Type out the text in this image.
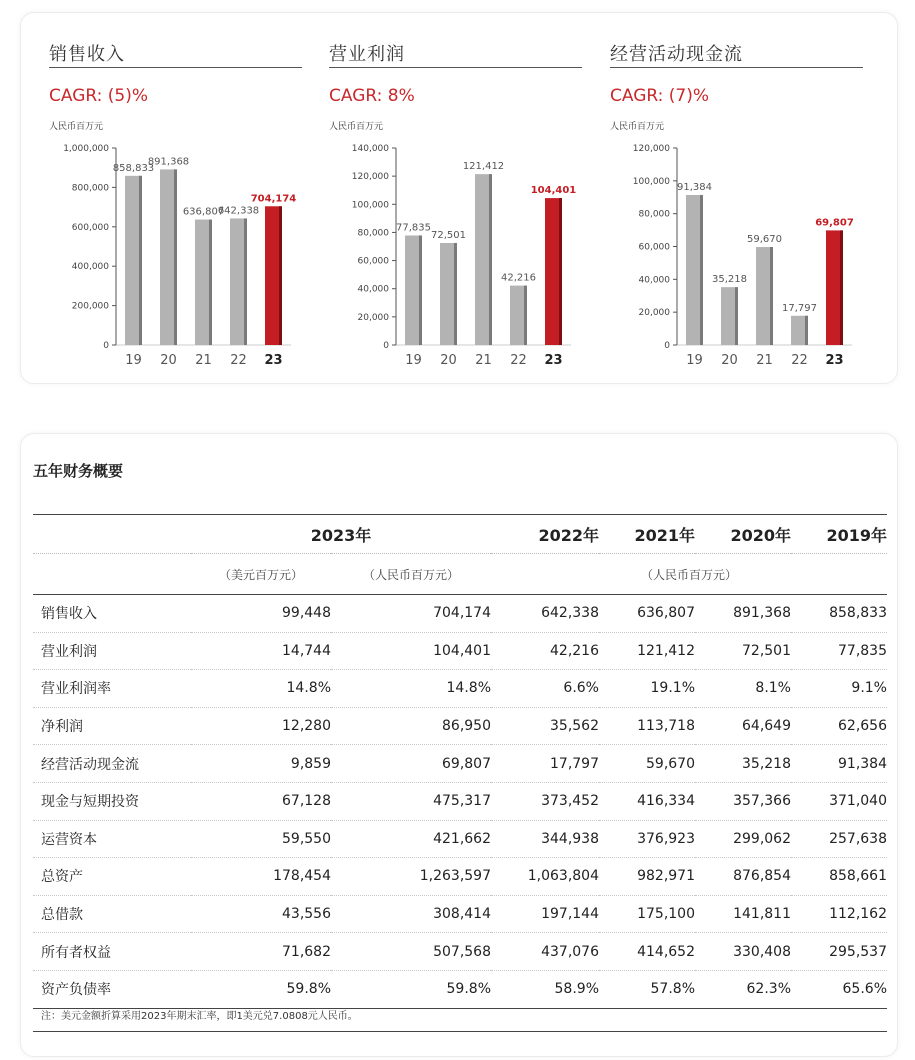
销售收入
CAGR: (5)%
人民币百万元
0
200,000
400,000
600,000
800,000
1,000,000
858,833
19
891,368
20
636,807
21
642,338
22
704,174
23
营业利润
CAGR: 8%
人民币百万元
0
20,000
40,000
60,000
80,000
100,000
120,000
140,000
77,835
19
72,501
20
121,412
21
42,216
22
104,401
23
经营活动现金流
CAGR: (7)%
人民币百万元
0
20,000
40,000
60,000
80,000
100,000
120,000
91,384
19
35,218
20
59,670
21
17,797
22
69,807
23
五年财务概要
	2023年		2022年	2021年	2020年	2019年
	（美元百万元）	（人民币百万元）	（人民币百万元）			
销售收入	99,448	704,174	642,338	636,807	891,368	858,833
营业利润	14,744	104,401	42,216	121,412	72,501	77,835
营业利润率	14.8%	14.8%	6.6%	19.1%	8.1%	9.1%
净利润	12,280	86,950	35,562	113,718	64,649	62,656
经营活动现金流	9,859	69,807	17,797	59,670	35,218	91,384
现金与短期投资	67,128	475,317	373,452	416,334	357,366	371,040
运营资本	59,550	421,662	344,938	376,923	299,062	257,638
总资产	178,454	1,263,597	1,063,804	982,971	876,854	858,661
总借款	43,556	308,414	197,144	175,100	141,811	112,162
所有者权益	71,682	507,568	437,076	414,652	330,408	295,537
资产负债率	59.8%	59.8%	58.9%	57.8%	62.3%	65.6%
注：美元金额折算采用2023年期末汇率，即1美元兑7.0808元人民币。
